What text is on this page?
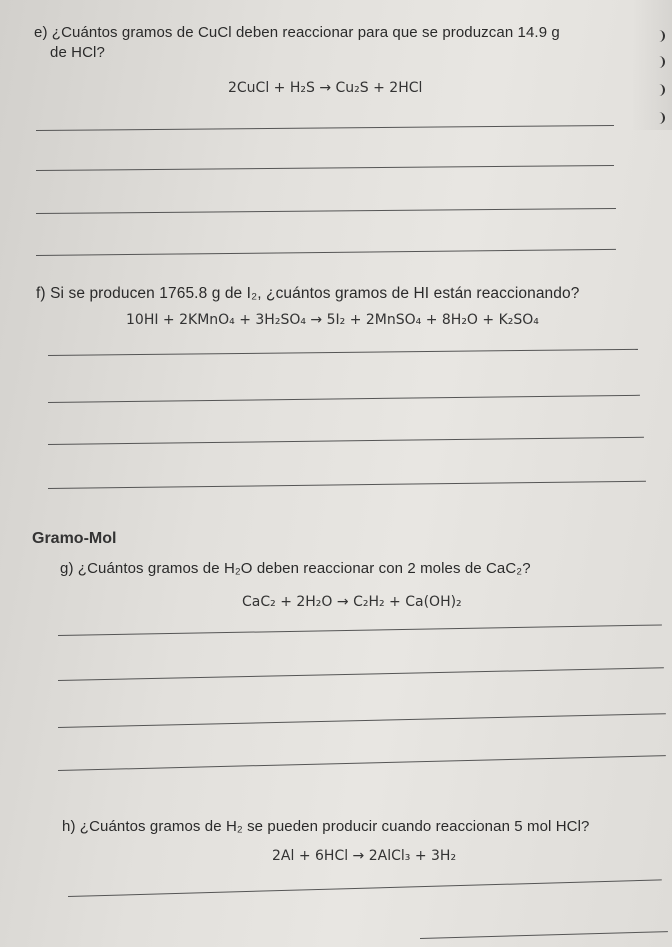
e) ¿Cuántos gramos de CuCl deben reaccionar para que se produzcan 14.9 g
de HCl?
2CuCl + H₂S → Cu₂S + 2HCl
f) Si se producen 1765.8 g de I₂, ¿cuántos gramos de HI están reaccionando?
10HI + 2KMnO₄ + 3H₂SO₄ → 5I₂ + 2MnSO₄ + 8H₂O + K₂SO₄
Gramo-Mol
g) ¿Cuántos gramos de H₂O deben reaccionar con 2 moles de CaC₂?
CaC₂ + 2H₂O → C₂H₂ + Ca(OH)₂
h) ¿Cuántos gramos de H₂ se pueden producir cuando reaccionan 5 mol HCl?
2Al + 6HCl → 2AlCl₃ + 3H₂
